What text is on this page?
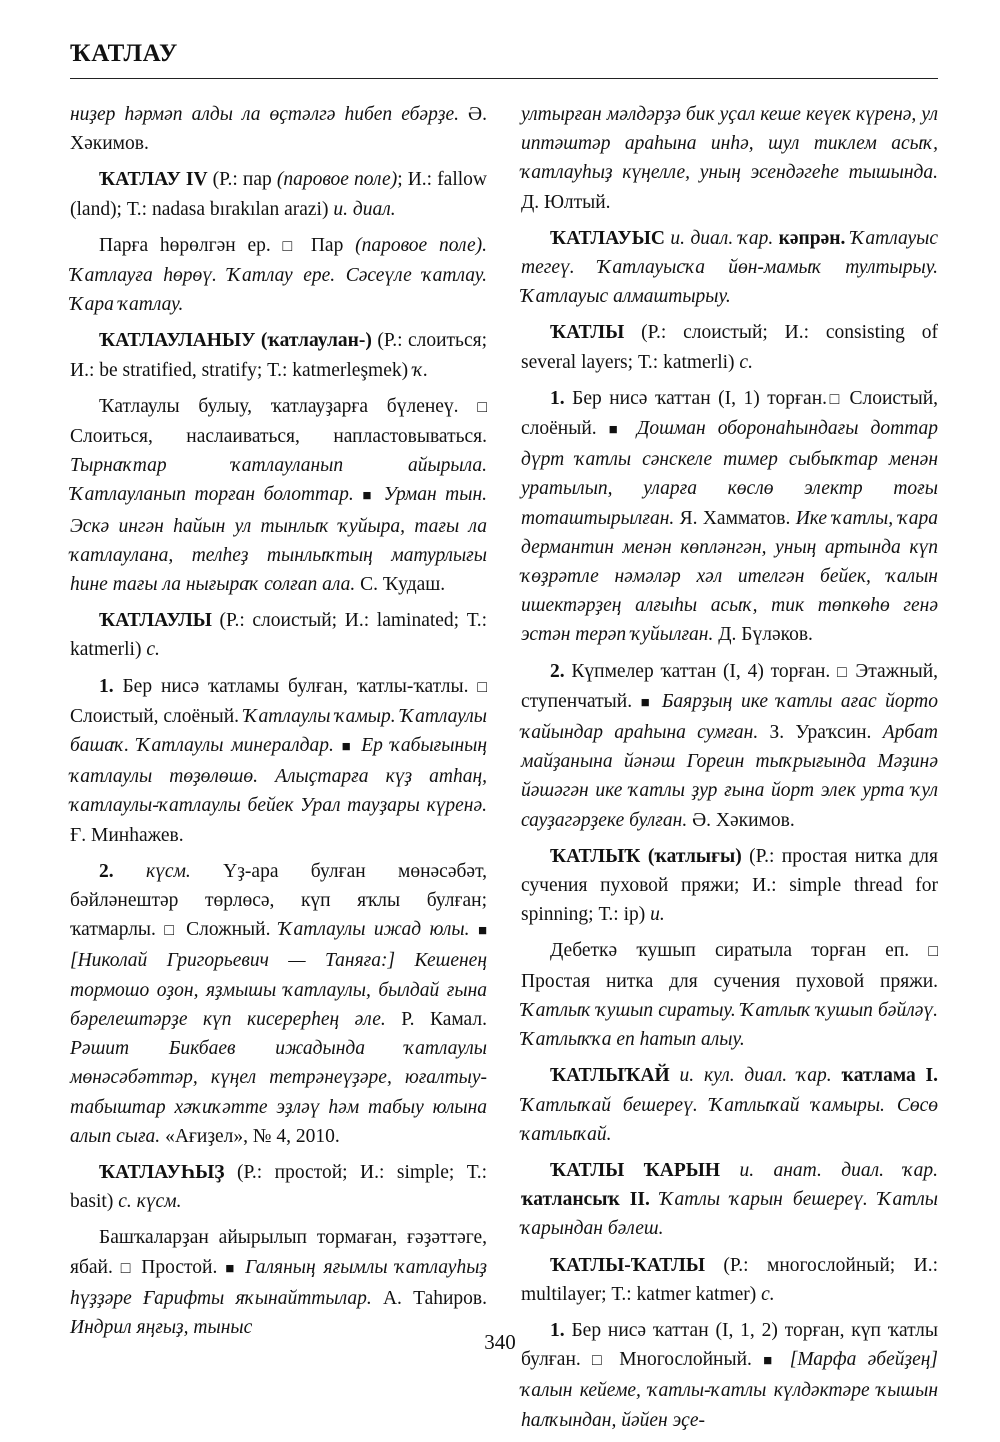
ҠАТЛАУ

ниҙер һәрмәп алды ла өҫтәлгә һибеп ебәрҙе. Ә. Хәкимов.

ҠАТЛАУ IV (Р.: пар (паровое поле); И.: fallow (land); Т.: nadasa bırakılan arazi) и. диал.

Парға һөрөлгән ер. □ Пар (паровое поле). Ҡатлауға һөрөү. Ҡатлау ере. Сәсеүле ҡатлау. Ҡара ҡатлау.

ҠАТЛАУЛАНЫУ (ҡатлаулан-) (Р.: слоиться; И.: be stratified, stratify; Т.: katmerleşmek) ҡ.

Ҡатлаулы булыу, ҡатлауҙарға бүленеү. □ Слоиться, наслаиваться, напластовываться. Тырнаҡтар ҡатлауланып айырыла. Ҡатлауланып торған болоттар. ■ Урман тын. Эскә ингән һайын ул тынлыҡ ҡуйыра, тағы ла ҡатлаулана, телһеҙ тынлыҡтың матурлығы һине тағы ла нығыраҡ солғап ала. С. Ҡудаш.

ҠАТЛАУЛЫ (Р.: слоистый; И.: laminated; Т.: katmerli) с.

1. Бер нисә ҡатламы булған, ҡатлы-ҡатлы. □ Слоистый, слоёный. Ҡатлаулы ҡамыр. Ҡатлаулы башаҡ. Ҡатлаулы минералдар. ■ Ер ҡабығының ҡатлаулы төҙөлөшө. Алыҫтарға күҙ атһаң, ҡатлаулы-ҡатлаулы бейек Урал тауҙары күренә. Ғ. Минһажев.

2. күсм. Үҙ-ара булған мөнәсәбәт, бәйләнештәр төрлөсә, күп яҡлы булған; ҡатмарлы. □ Сложный. Ҡатлаулы ижад юлы. ■ [Николай Григорьевич — Таняға:] Кешенең тормошо оҙон, яҙмышы ҡатлаулы, былдай ғына бәрелештәрҙе күп кисерерһең әле. Р. Камал. Рәшит Бикбаев ижадында ҡатлаулы мөнәсәбәттәр, күңел тетрәнеүҙәре, юғалтыу-табыштар хәҡиҡәтте эҙләү һәм табыу юлына алып сыға. «Ағиҙел», № 4, 2010.

ҠАТЛАУҺЫҘ (Р.: простой; И.: simple; Т.: basit) с. күсм.

Башҡаларҙан айырылып тормаған, ғәҙәттәге, ябай. □ Простой. ■ Галяның яғымлы ҡатлауһыҙ һүҙҙәре Ғарифты яҡынайттылар. А. Таһиров. Индрил яңғыҙ, тыныс

ултырған мәлдәрҙә бик уҫал кеше кеүек күренә, ул иптәштәр араһына инһә, шул тиклем асыҡ, ҡатлауһыҙ күңелле, уның эсендәгеһе тышында. Д. Юлтый.

ҠАТЛАУЫС и. диал. ҡар. кәпрән. Ҡатлауыс тегеү. Ҡатлауысҡа йөн-мамыҡ тултырыу. Ҡатлауыс алмаштырыу.

ҠАТЛЫ (Р.: слоистый; И.: consisting of several layers; Т.: katmerli) с.

1. Бер нисә ҡаттан (I, 1) торған.□ Слоистый, слоёный. ■ Дошман оборонаһындағы доттар дүрт ҡатлы сәнскеле тимер сыбыҡтар менән уратылып, уларға көслө электр тоғы тоташтырылған. Я. Хамматов. Ике ҡатлы, ҡара дермантин менән көпләнгән, уның артында күп ҡөҙрәтле нәмәләр хәл ителгән бейек, ҡалын ишектәрҙең алғыһы асыҡ, тик төпкөһө генә эстән терәп ҡуйылған. Д. Бүләков.

2. Күпмелер ҡаттан (I, 4) торған. □ Этажный, ступенчатый. ■ Баярҙың ике ҡатлы ағас йорто ҡайындар араһына сумған. З. Ураҡсин. Арбат майҙанына йәнәш Гореин тыҡрығында Мәҙинә йәшәгән ике ҡатлы ҙур ғына йорт элек урта ҡул сауҙагәрҙеке булған. Ә. Хәкимов.

ҠАТЛЫҠ (ҡатлығы) (Р.: простая нитка для сучения пуховой пряжи; И.: simple thread for spinning; Т.: ip) и.

Дебеткә ҡушып сиратыла торған еп. □ Простая нитка для сучения пуховой пряжи. Ҡатлыҡ ҡушып сиратыу. Ҡатлыҡ ҡушып бәйләү. Ҡатлыҡҡа еп һатып алыу.

ҠАТЛЫҠАЙ и. кул. диал. ҡар. ҡатлама I. Ҡатлыҡай бешереү. Ҡатлыҡай ҡамыры. Сөсө ҡатлыҡай.

ҠАТЛЫ ҠАРЫН и. анат. диал. ҡар. ҡатлансыҡ II. Ҡатлы ҡарын бешереү. Ҡатлы ҡарындан бәлеш.

ҠАТЛЫ-ҠАТЛЫ (Р.: многослойный; И.: multilayer; Т.: katmer katmer) с.

1. Бер нисә ҡаттан (I, 1, 2) торған, күп ҡатлы булған. □ Многослойный. ■ [Марфа әбейҙең] ҡалын кейеме, ҡатлы-ҡатлы күлдәктәре ҡышын һалҡындан, йәйен эҫе-

340
